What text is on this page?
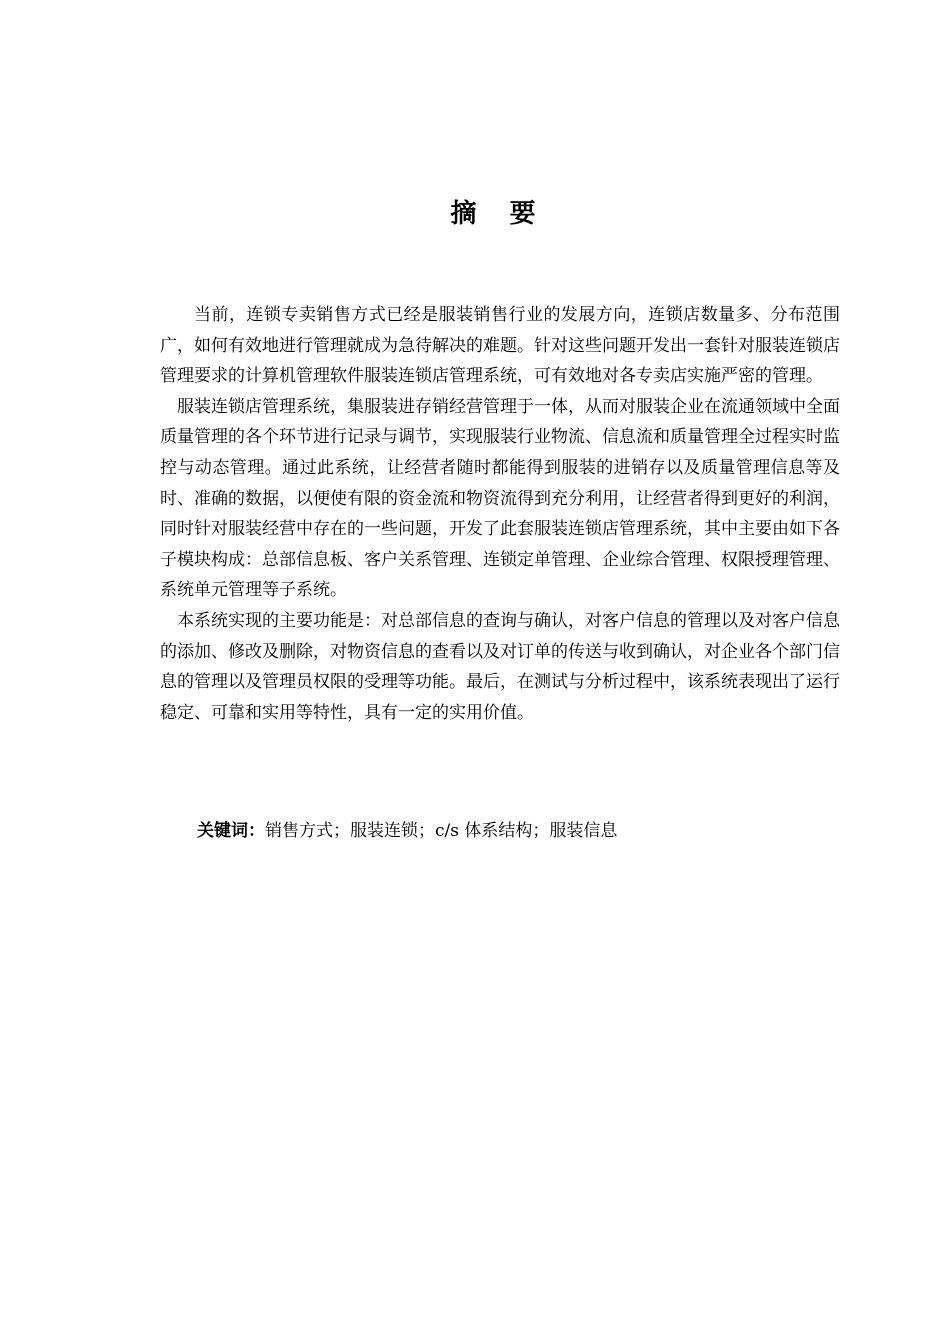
摘 要

当前，连锁专卖销售方式已经是服装销售行业的发展方向，连锁店数量多、分布范围广，如何有效地进行管理就成为急待解决的难题。针对这些问题开发出一套针对服装连锁店管理要求的计算机管理软件服装连锁店管理系统，可有效地对各专卖店实施严密的管理。

服装连锁店管理系统，集服装进存销经营管理于一体，从而对服装企业在流通领域中全面质量管理的各个环节进行记录与调节，实现服装行业物流、信息流和质量管理全过程实时监控与动态管理。通过此系统，让经营者随时都能得到服装的进销存以及质量管理信息等及时、准确的数据，以便使有限的资金流和物资流得到充分利用，让经营者得到更好的利润，同时针对服装经营中存在的一些问题，开发了此套服装连锁店管理系统，其中主要由如下各子模块构成：总部信息板、客户关系管理、连锁定单管理、企业综合管理、权限授理管理、系统单元管理等子系统。

本系统实现的主要功能是：对总部信息的查询与确认，对客户信息的管理以及对客户信息的添加、修改及删除，对物资信息的查看以及对订单的传送与收到确认，对企业各个部门信息的管理以及管理员权限的受理等功能。最后，在测试与分析过程中，该系统表现出了运行稳定、可靠和实用等特性，具有一定的实用价值。

关键词：销售方式；服装连锁；c/s 体系结构；服装信息
